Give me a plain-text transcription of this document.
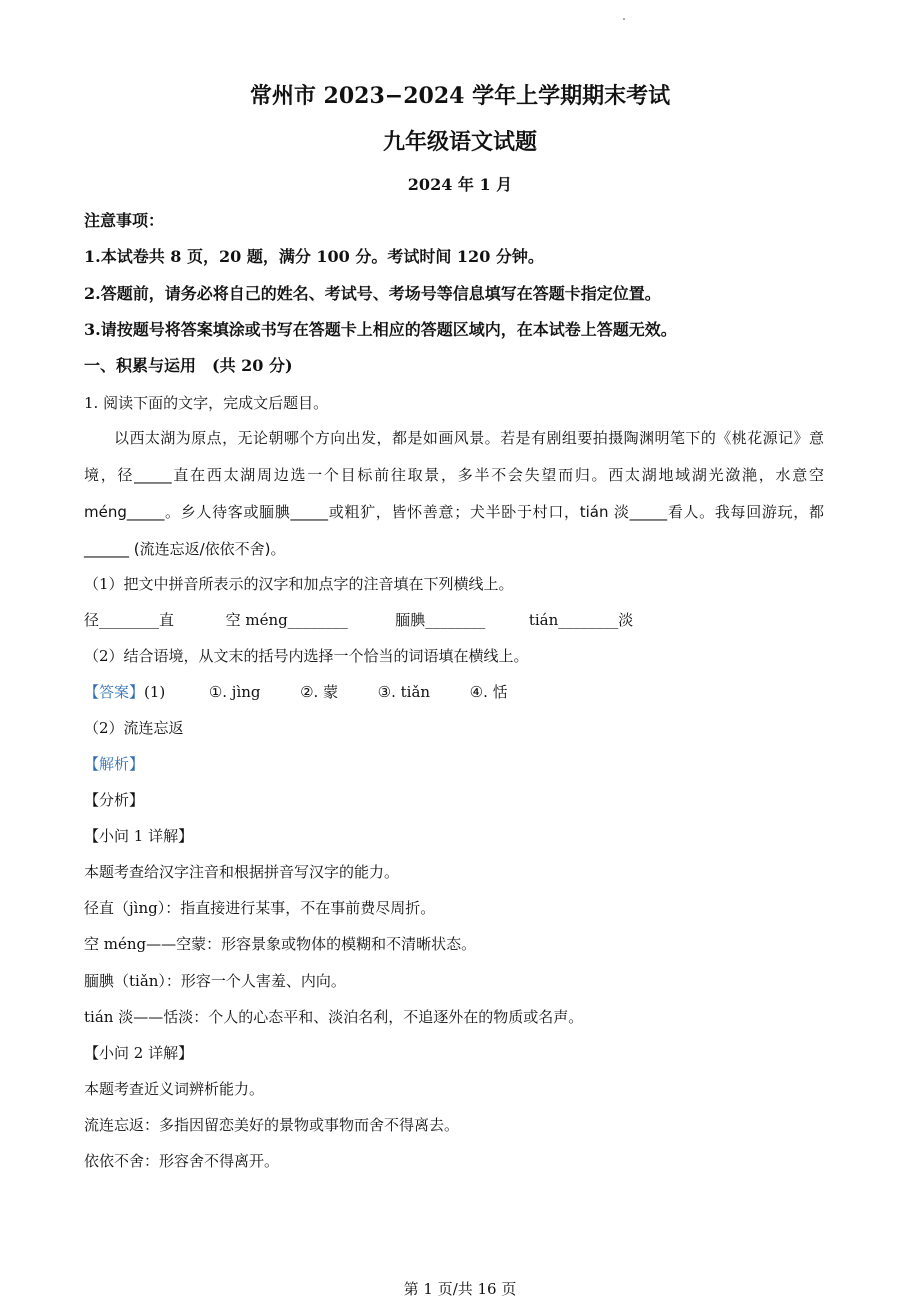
常州市 2023−2024 学年上学期期末考试
九年级语文试题
2024 年 1 月
注意事项：
1.本试卷共 8 页，20 题，满分 100 分。考试时间 120 分钟。
2.答题前，请务必将自己的姓名、考试号、考场号等信息填写在答题卡指定位置。
3.请按题号将答案填涂或书写在答题卡上相应的答题区域内，在本试卷上答题无效。
一、积累与运用　(共 20 分)
1. 阅读下面的文字，完成文后题目。

以西太湖为原点，无论朝哪个方向出发，都是如画风景。若是有剧组要拍摄陶渊明笔下的《桃花源记》意境，径_____直在西太湖周边选一个目标前往取景，多半不会失望而归。西太湖地域湖光潋滟，水意空 méng_____。乡人待客或腼腆_____或粗犷，皆怀善意；犬半卧于村口，tián 淡_____看人。我每回游玩，都______ (流连忘返/依依不舍)。

（1）把文中拼音所表示的汉字和加点字的注音填在下列横线上。
径________直	空 méng________	腼腆________	tián________淡
（2）结合语境，从文末的括号内选择一个恰当的词语填在横线上。
【答案】(1)	①. jìng	②. 蒙	③. tiǎn	④. 恬
（2）流连忘返
【解析】
【分析】
【小问 1 详解】
本题考查给汉字注音和根据拼音写汉字的能力。
径直（jìng）：指直接进行某事，不在事前费尽周折。
空 méng——空蒙：形容景象或物体的模糊和不清晰状态。
腼腆（tiǎn）：形容一个人害羞、内向。
tián 淡——恬淡：个人的心态平和、淡泊名利，不追逐外在的物质或名声。
【小问 2 详解】
本题考查近义词辨析能力。
流连忘返：多指因留恋美好的景物或事物而舍不得离去。
依依不舍：形容舍不得离开。
第 1 页/共 16 页
